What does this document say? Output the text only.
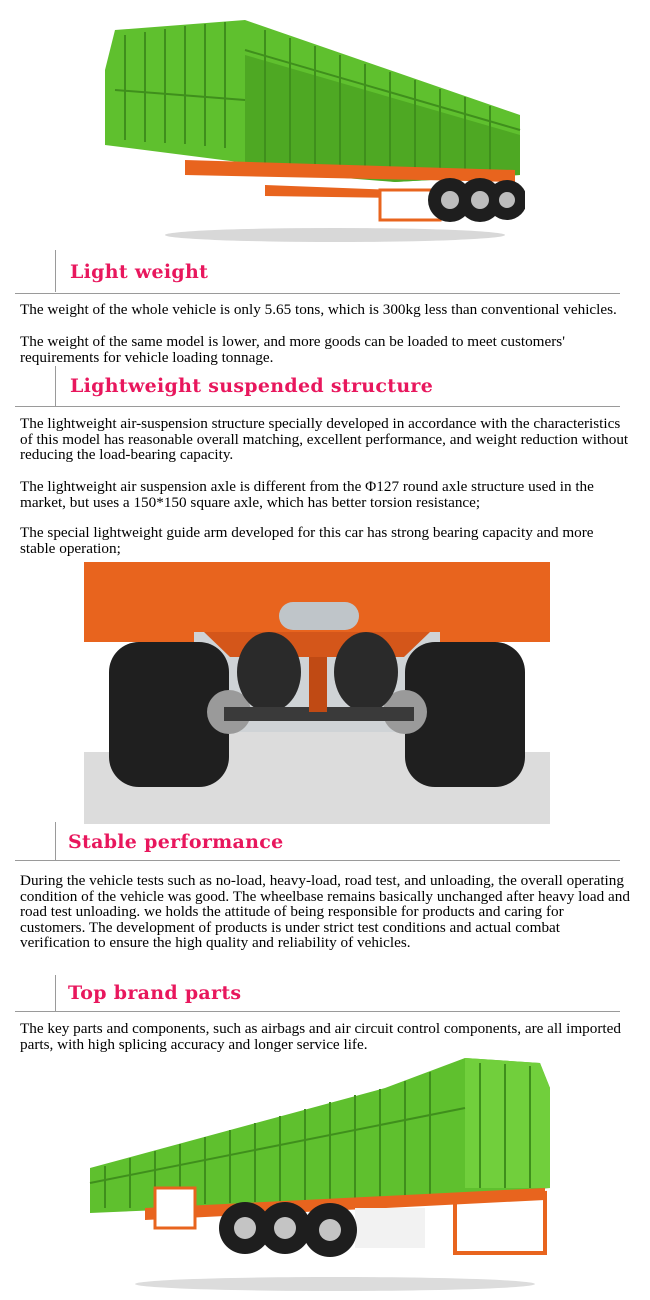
Light weight

The weight of the whole vehicle is only 5.65 tons, which is 300kg less than conventional vehicles.

The weight of the same model is lower, and more goods can be loaded to meet customers' requirements for vehicle loading tonnage.

Lightweight suspended structure

The lightweight air-suspension structure specially developed in accordance with the characteristics of this model has reasonable overall matching, excellent performance, and weight reduction without reducing the load-bearing capacity.

The lightweight air suspension axle is different from the Φ127 round axle structure used in the market, but uses a 150*150 square axle, which has better torsion resistance;

The special lightweight guide arm developed for this car has strong bearing capacity and more stable operation;

Stable performance

During the vehicle tests such as no-load, heavy-load, road test, and unloading, the overall operating condition of the vehicle was good. The wheelbase remains basically unchanged after heavy load and road test unloading. we holds the attitude of being responsible for products and caring for customers. The development of products is under strict test conditions and actual combat verification to ensure the high quality and reliability of vehicles.

Top brand parts

The key parts and components, such as airbags and air circuit control components, are all imported parts, with high splicing accuracy and longer service life.
